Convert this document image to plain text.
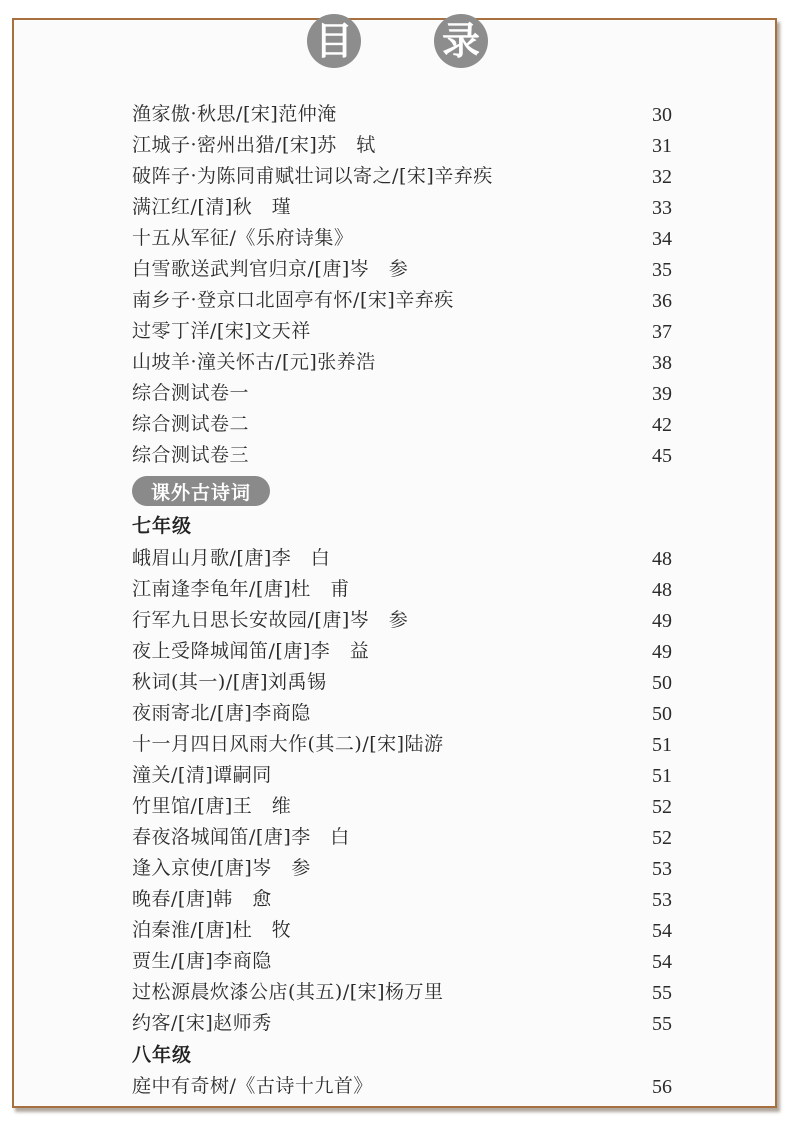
目 录
课外古诗词
七年级
八年级
渔家傲·秋思/[宋]范仲淹	30
江城子·密州出猎/[宋]苏　轼	31
破阵子·为陈同甫赋壮词以寄之/[宋]辛弃疾	32
满江红/[清]秋　瑾	33
十五从军征/《乐府诗集》	34
白雪歌送武判官归京/[唐]岑　参	35
南乡子·登京口北固亭有怀/[宋]辛弃疾	36
过零丁洋/[宋]文天祥	37
山坡羊·潼关怀古/[元]张养浩	38
综合测试卷一	39
综合测试卷二	42
综合测试卷三	45
峨眉山月歌/[唐]李　白	48
江南逢李龟年/[唐]杜　甫	48
行军九日思长安故园/[唐]岑　参	49
夜上受降城闻笛/[唐]李　益	49
秋词(其一)/[唐]刘禹锡	50
夜雨寄北/[唐]李商隐	50
十一月四日风雨大作(其二)/[宋]陆游	51
潼关/[清]谭嗣同	51
竹里馆/[唐]王　维	52
春夜洛城闻笛/[唐]李　白	52
逢入京使/[唐]岑　参	53
晚春/[唐]韩　愈	53
泊秦淮/[唐]杜　牧	54
贾生/[唐]李商隐	54
过松源晨炊漆公店(其五)/[宋]杨万里	55
约客/[宋]赵师秀	55
庭中有奇树/《古诗十九首》	56
